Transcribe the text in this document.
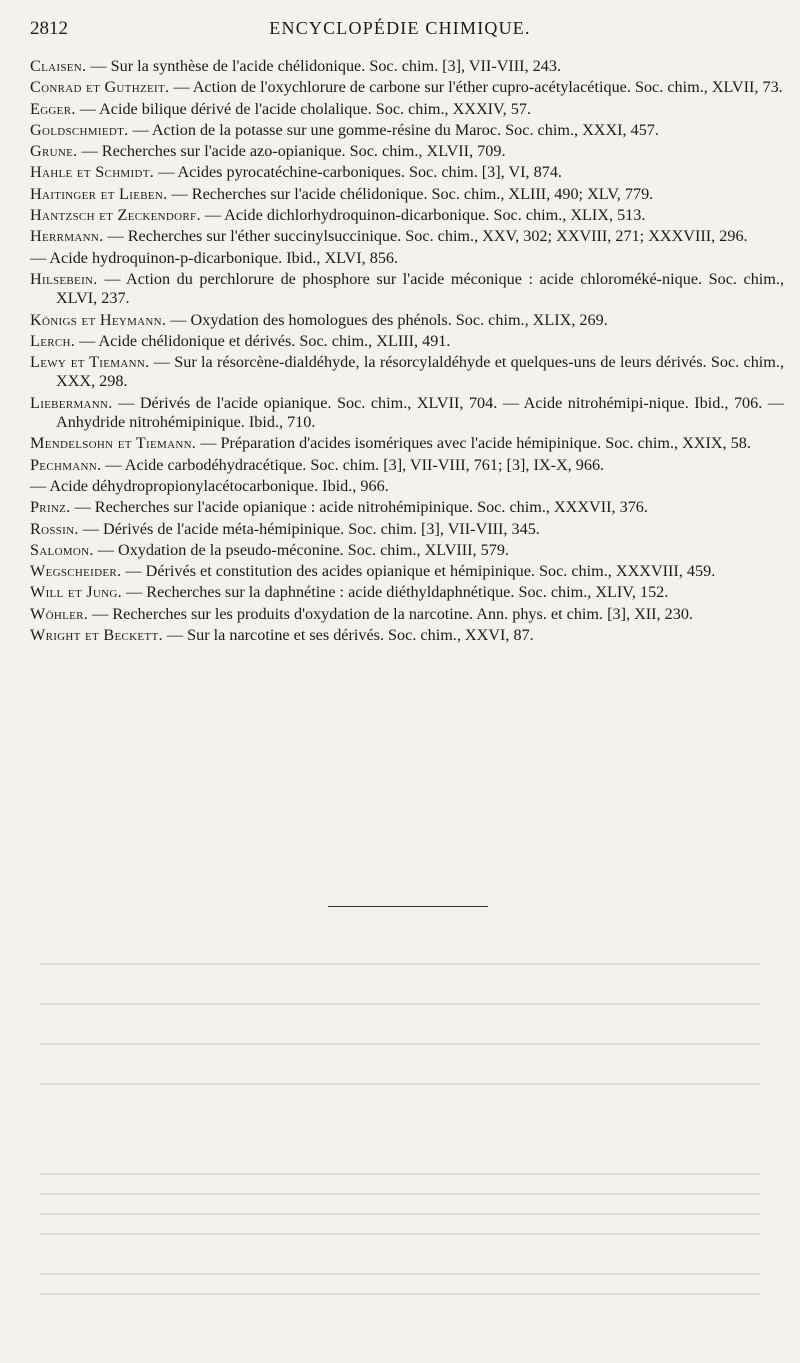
2812	ENCYCLOPÉDIE CHIMIQUE.

Claisen. — Sur la synthèse de l'acide chélidonique. Soc. chim. [3], VII-VIII, 243.

Conrad et Guthzeit. — Action de l'oxychlorure de carbone sur l'éther cupro-acétylacétique. Soc. chim., XLVII, 73.

Egger. — Acide bilique dérivé de l'acide cholalique. Soc. chim., XXXIV, 57.

Goldschmiedt. — Action de la potasse sur une gomme-résine du Maroc. Soc. chim., XXXI, 457.

Grune. — Recherches sur l'acide azo-opianique. Soc. chim., XLVII, 709.

Hahle et Schmidt. — Acides pyrocatéchine-carboniques. Soc. chim. [3], VI, 874.

Haitinger et Lieben. — Recherches sur l'acide chélidonique. Soc. chim., XLIII, 490; XLV, 779.

Hantzsch et Zeckendorf. — Acide dichlorhydroquinon-dicarbonique. Soc. chim., XLIX, 513.

Herrmann. — Recherches sur l'éther succinylsuccinique. Soc. chim., XXV, 302; XXVIII, 271; XXXVIII, 296.

— Acide hydroquinon-p-dicarbonique. Ibid., XLVI, 856.

Hilsebein. — Action du perchlorure de phosphore sur l'acide méconique : acide chloroméké-nique. Soc. chim., XLVI, 237.

Königs et Heymann. — Oxydation des homologues des phénols. Soc. chim., XLIX, 269.

Lerch. — Acide chélidonique et dérivés. Soc. chim., XLIII, 491.

Lewy et Tiemann. — Sur la résorcène-dialdéhyde, la résorcylaldéhyde et quelques-uns de leurs dérivés. Soc. chim., XXX, 298.

Liebermann. — Dérivés de l'acide opianique. Soc. chim., XLVII, 704. — Acide nitrohémipi-nique. Ibid., 706. — Anhydride nitrohémipinique. Ibid., 710.

Mendelsohn et Tiemann. — Préparation d'acides isomériques avec l'acide hémipinique. Soc. chim., XXIX, 58.

Pechmann. — Acide carbodéhydracétique. Soc. chim. [3], VII-VIII, 761; [3], IX-X, 966.

— Acide déhydropropionylacétocarbonique. Ibid., 966.

Prinz. — Recherches sur l'acide opianique : acide nitrohémipinique. Soc. chim., XXXVII, 376.

Rossin. — Dérivés de l'acide méta-hémipinique. Soc. chim. [3], VII-VIII, 345.

Salomon. — Oxydation de la pseudo-méconine. Soc. chim., XLVIII, 579.

Wegscheider. — Dérivés et constitution des acides opianique et hémipinique. Soc. chim., XXXVIII, 459.

Will et Jung. — Recherches sur la daphnétine : acide diéthyldaphnétique. Soc. chim., XLIV, 152.

Wöhler. — Recherches sur les produits d'oxydation de la narcotine. Ann. phys. et chim. [3], XII, 230.

Wright et Beckett. — Sur la narcotine et ses dérivés. Soc. chim., XXVI, 87.
